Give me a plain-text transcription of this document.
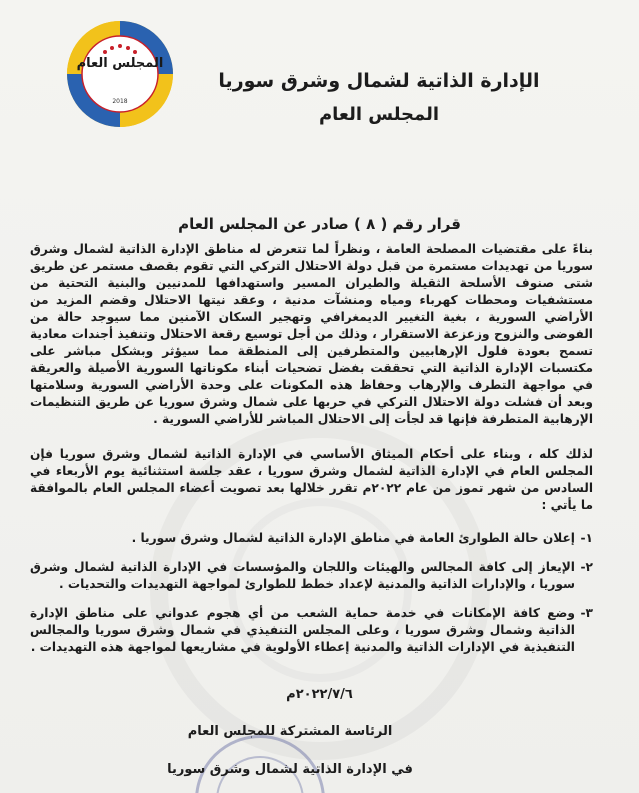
المجلس العام
2018
الإدارة الذاتية لشمال وشرق سوريا
المجلس العام
قرار رقم ( ٨ ) صادر عن المجلس العام

بناءً على مقتضيات المصلحة العامة ، ونظراً لما تتعرض له مناطق الإدارة الذاتية لشمال وشرق سوريا من تهديدات مستمرة من قبل دولة الاحتلال التركي التي تقوم بقصف مستمر عن طريق شتى صنوف الأسلحة الثقيلة والطيران المسير واستهدافها للمدنيين والبنية التحتية من مستشفيات ومحطات كهرباء ومياه ومنشآت مدنية ، وعقد نيتها الاحتلال وقضم المزيد من الأراضي السورية ، بغية التغيير الديمغرافي وتهجير السكان الآمنين مما سيوجد حالة من الفوضى والنزوح وزعزعة الاستقرار ، وذلك من أجل توسيع رقعة الاحتلال وتنفيذ أجندات معادية تسمح بعودة فلول الإرهابيين والمتطرفين إلى المنطقة مما سيؤثر وبشكل مباشر على مكتسبات الإدارة الذاتية التي تحققت بفضل تضحيات أبناء مكوناتها السورية الأصيلة والعريقة في مواجهة التطرف والإرهاب وحفاظ هذه المكونات على وحدة الأراضي السورية وسلامتها وبعد أن فشلت دولة الاحتلال التركي في حربها على شمال وشرق سوريا عن طريق التنظيمات الإرهابية المتطرفة فإنها قد لجأت إلى الاحتلال المباشر للأراضي السورية .

لذلك كله ، وبناء على أحكام الميثاق الأساسي في الإدارة الذاتية لشمال وشرق سوريا فإن المجلس العام في الإدارة الذاتية لشمال وشرق سوريا ، عقد جلسة استثنائية يوم الأربعاء في السادس من شهر تموز من عام ٢٠٢٢م تقرر خلالها بعد تصويت أعضاء المجلس العام بالموافقة ما يأتي :

١-
إعلان حالة الطوارئ العامة في مناطق الإدارة الذاتية لشمال وشرق سوريا .
٢-
الإيعاز إلى كافة المجالس والهيئات واللجان والمؤسسات في الإدارة الذاتية لشمال وشرق سوريا ، والإدارات الذاتية والمدنية لإعداد خطط للطوارئ لمواجهة التهديدات والتحديات .
٣-
وضع كافة الإمكانات في خدمة حماية الشعب من أي هجوم عدواني على مناطق الإدارة الذاتية وشمال وشرق سوريا ، وعلى المجلس التنفيذي في شمال وشرق سوريا والمجالس التنفيذية في الإدارات الذاتية والمدنية إعطاء الأولوية في مشاريعها لمواجهة هذه التهديدات .
٢٠٢٢/٧/٦م
الرئاسة المشتركة للمجلس العام
في الإدارة الذاتية لشمال وشرق سوريا
